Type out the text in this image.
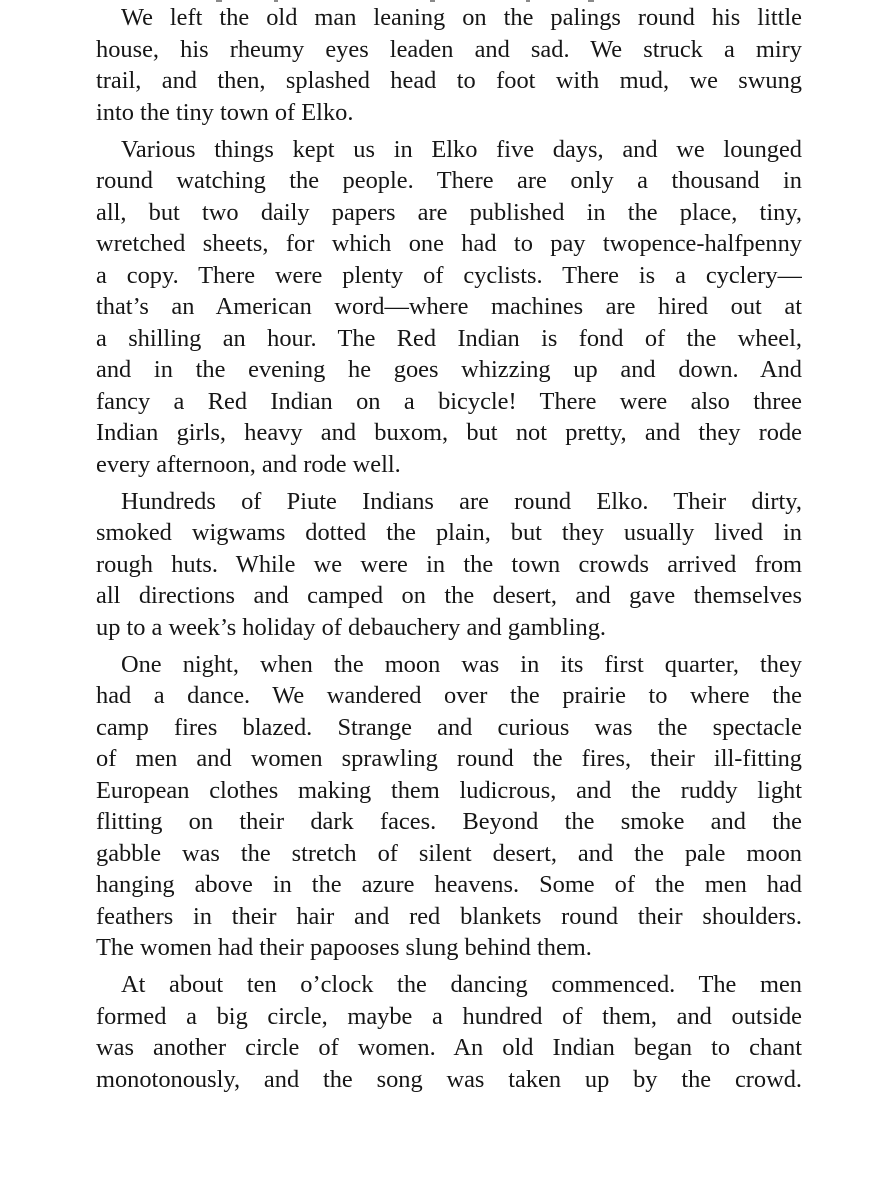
We left the old man leaning on the palings round his little
house, his rheumy eyes leaden and sad. We struck a miry
trail, and then, splashed head to foot with mud, we swung
into the tiny town of Elko.

Various things kept us in Elko five days, and we lounged
round watching the people. There are only a thousand in
all, but two daily papers are published in the place, tiny,
wretched sheets, for which one had to pay twopence-halfpenny
a copy. There were plenty of cyclists. There is a cyclery—
that’s an American word—where machines are hired out at
a shilling an hour. The Red Indian is fond of the wheel,
and in the evening he goes whizzing up and down. And
fancy a Red Indian on a bicycle! There were also three
Indian girls, heavy and buxom, but not pretty, and they rode
every afternoon, and rode well.

Hundreds of Piute Indians are round Elko. Their dirty,
smoked wigwams dotted the plain, but they usually lived in
rough huts. While we were in the town crowds arrived from
all directions and camped on the desert, and gave themselves
up to a week’s holiday of debauchery and gambling.

One night, when the moon was in its first quarter, they
had a dance. We wandered over the prairie to where the
camp fires blazed. Strange and curious was the spectacle
of men and women sprawling round the fires, their ill-fitting
European clothes making them ludicrous, and the ruddy light
flitting on their dark faces. Beyond the smoke and the
gabble was the stretch of silent desert, and the pale moon
hanging above in the azure heavens. Some of the men had
feathers in their hair and red blankets round their shoulders.
The women had their papooses slung behind them.

At about ten o’clock the dancing commenced. The men
formed a big circle, maybe a hundred of them, and outside
was another circle of women. An old Indian began to chant
monotonously, and the song was taken up by the crowd.
